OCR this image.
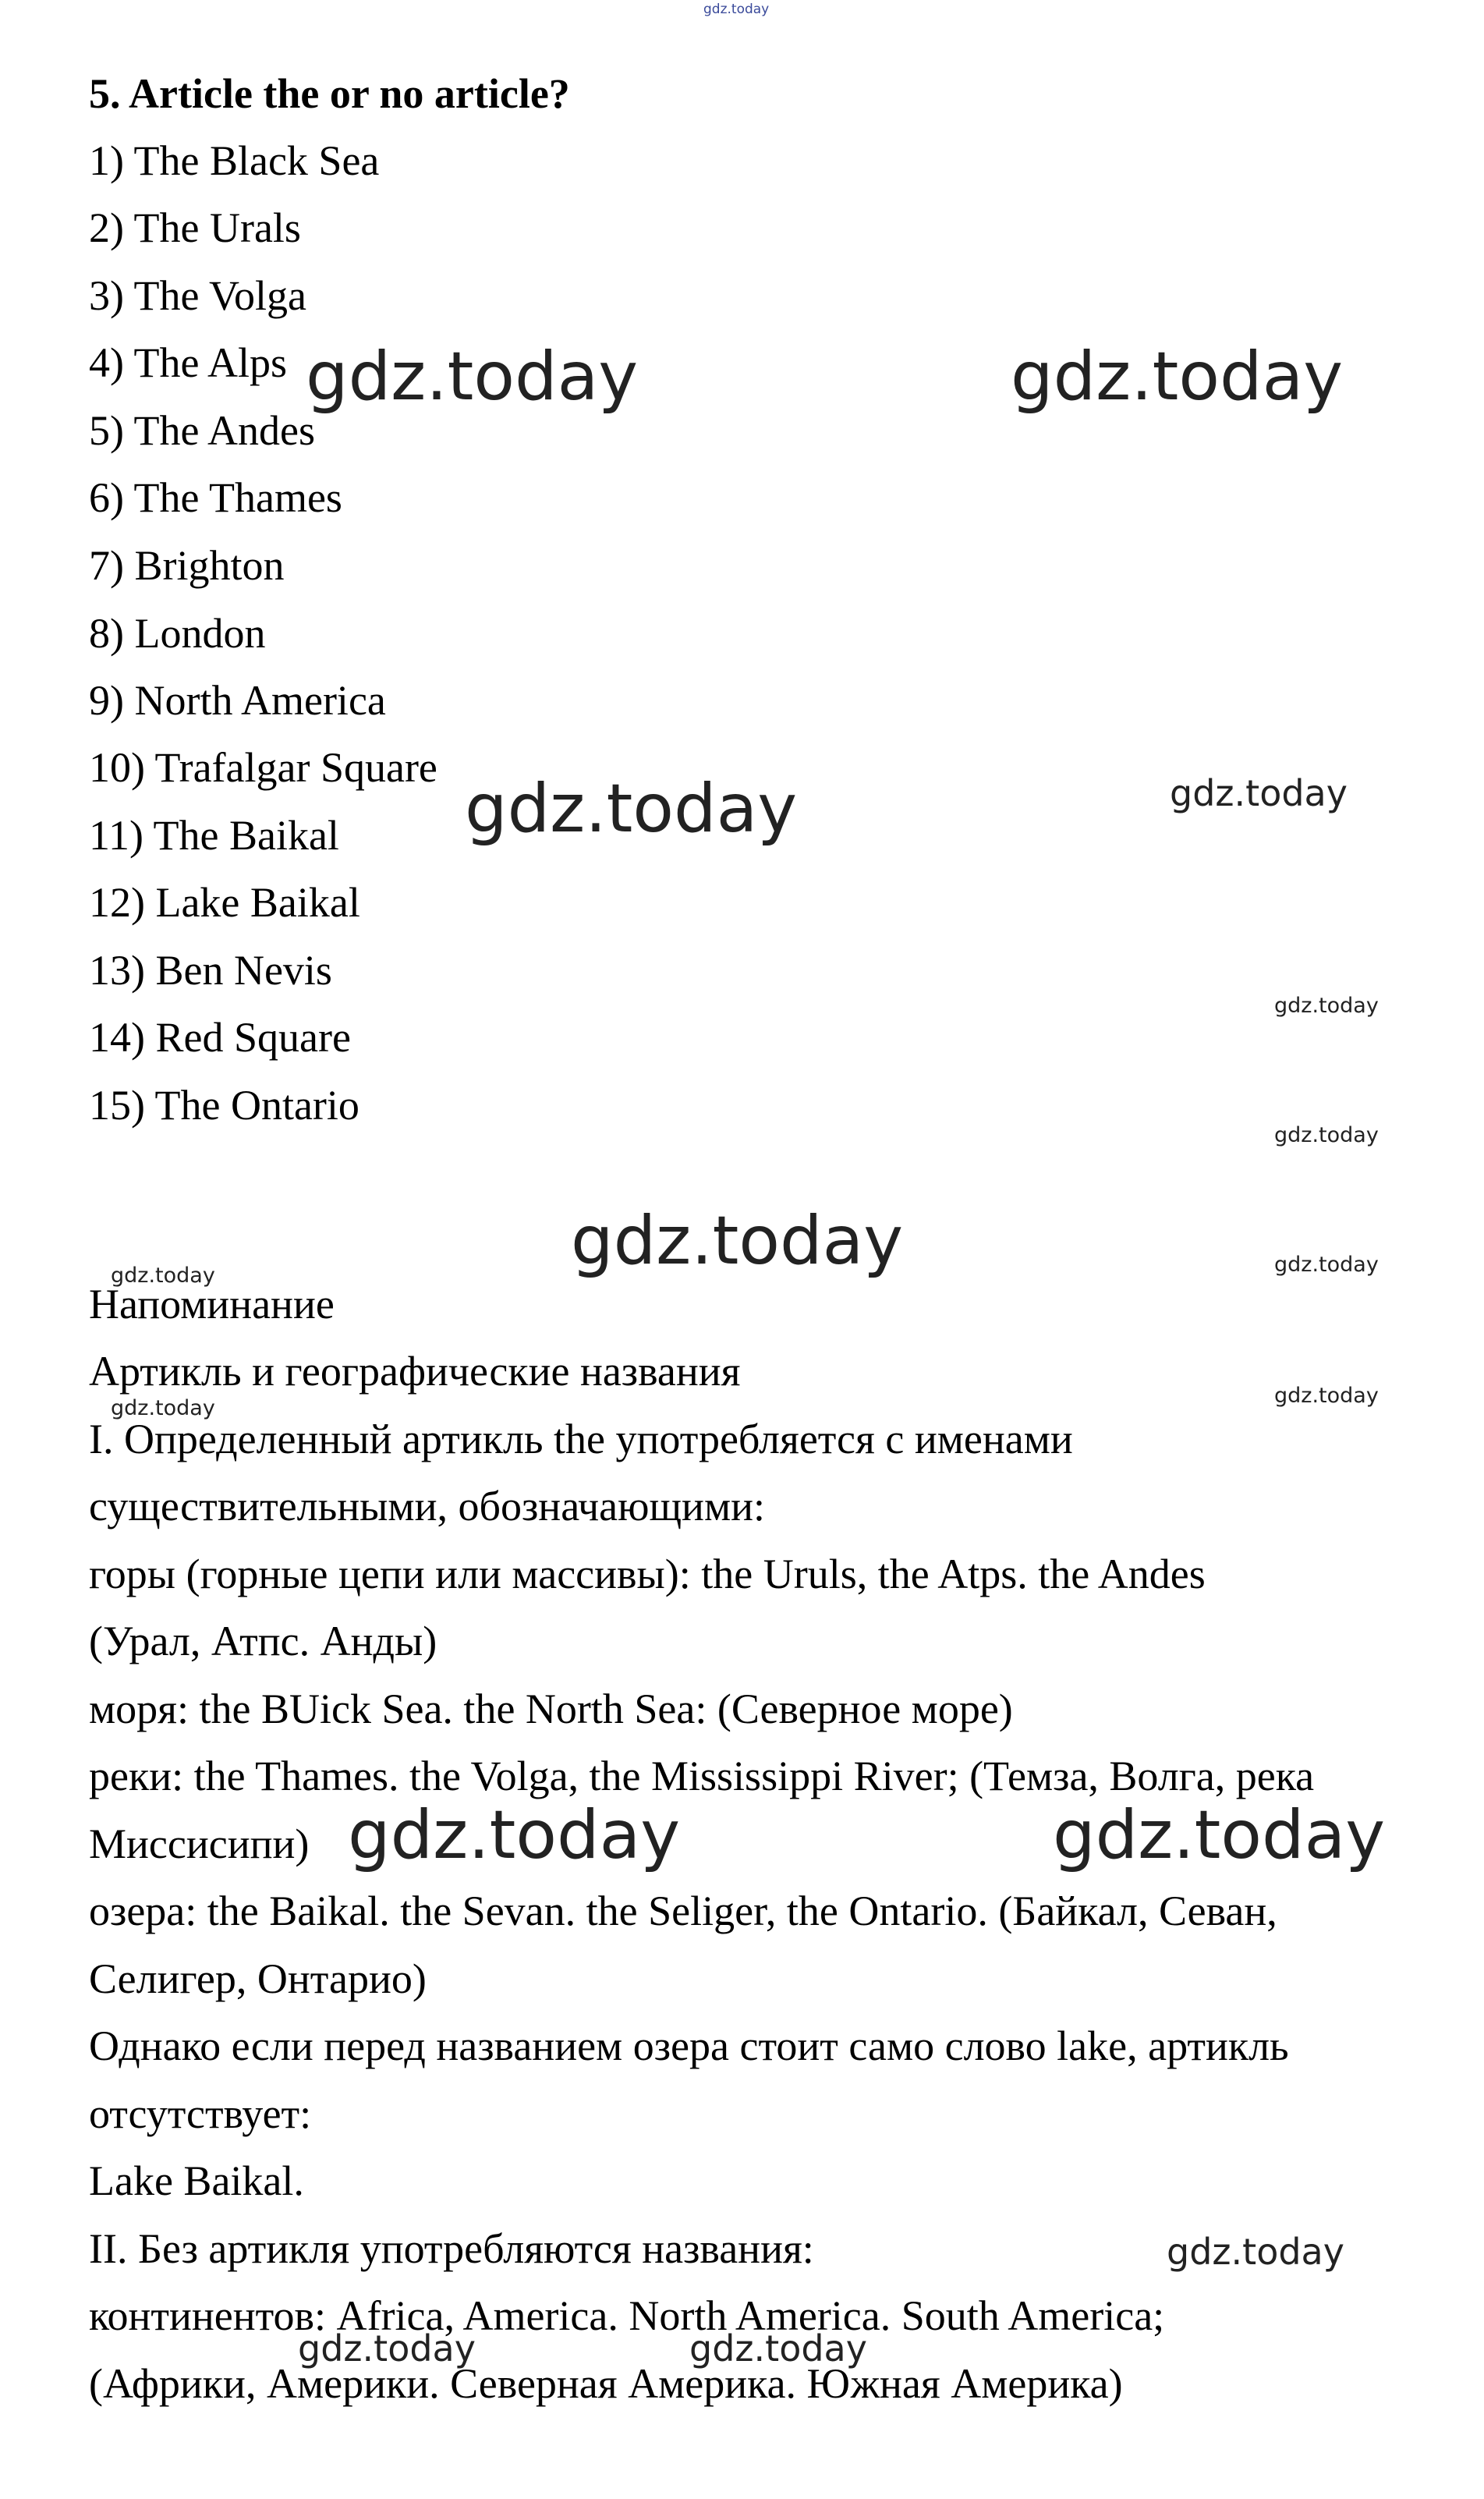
gdz.today
5. Article the or no article?
1) The Black Sea
2) The Urals
3) The Volga
4) The Alps
5) The Andes
6) The Thames
7) Brighton
8) London
9) North America
10) Trafalgar Square
11) The Baikal
12) Lake Baikal
13) Ben Nevis
14) Red Square
15) The Ontario
Напоминание
Артикль и географические названия
I. Определенный артикль the употребляется с именами
существительными, обозначающими:
горы (горные цепи или массивы): the Uruls, the Atps. the Andes
(Урал, Атпс. Анды)
моря: the BUick Sea. the North Sea: (Северное море)
реки: the Thames. the Volga, the Mississippi River; (Темза, Волга, река
Миссисипи)
озера: the Baikal. the Sevan. the Seliger, the Ontario. (Байкал, Севан,
Селигер, Онтарио)
Однако если перед названием озера стоит само слово lake, артикль
отсутствует:
Lake Baikal.
II. Без артикля употребляются названия:
континентов: Africa, America. North America. South America;
(Африки, Америки. Северная Америка. Южная Америка)
gdz.today	gdz.today
gdz.today	gdz.today
gdz.today
gdz.today
gdz.today
gdz.today	gdz.today
gdz.today
gdz.today
gdz.today	gdz.today
gdz.today
gdz.today	gdz.today
